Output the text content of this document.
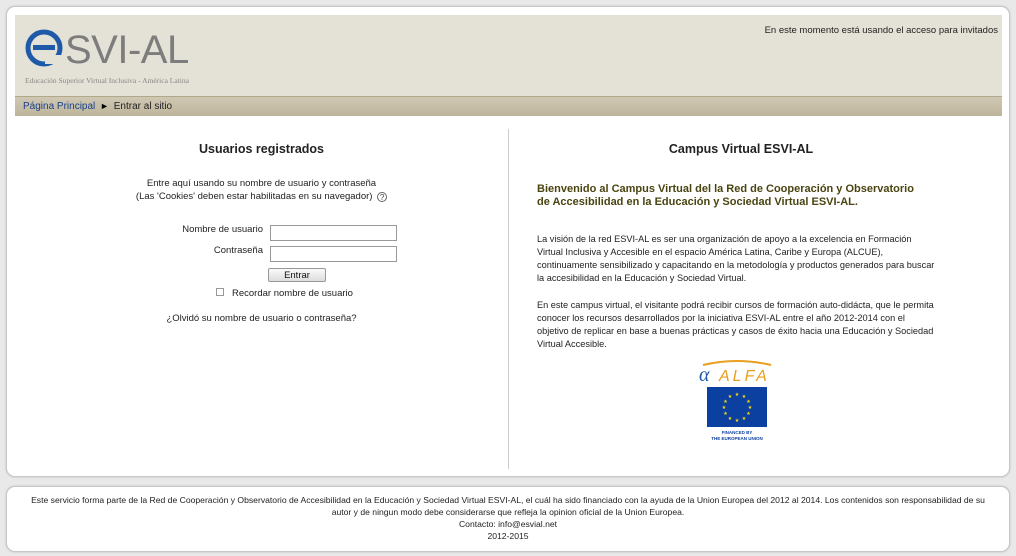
SVI-AL
Educación Superior Virtual Inclusiva - América Latina
En este momento está usando el acceso para invitados
Página Principal ► Entrar al sitio
Usuarios registrados
Entre aquí usando su nombre de usuario y contraseña
(Las 'Cookies' deben estar habilitadas en su navegador) ?
Nombre de usuario
Contraseña
Entrar
Recordar nombre de usuario
¿Olvidó su nombre de usuario o contraseña?
Campus Virtual ESVI-AL
Bienvenido al Campus Virtual del la Red de Cooperación y Observatorio de Accesibilidad en la Educación y Sociedad Virtual ESVI-AL.
La visión de la red ESVI-AL es ser una organización de apoyo a la excelencia en Formación Virtual Inclusiva y Accesible en el espacio América Latina, Caribe y Europa (ALCUE), continuamente sensibilizado y capacitando en la metodología y productos generados para buscar la accesibilidad en la Educación y Sociedad Virtual.
En este campus virtual, el visitante podrá recibir cursos de formación auto-didácta, que le permita conocer los recursos desarrollados por la iniciativa ESVI-AL entre el año 2012-2014 con el objetivo de replicar en base a buenas prácticas y casos de éxito hacia una Educación y Sociedad Virtual Accesible.
α ALFA
★ ★
★
★
★
★
★
★
★
★
★
★
FINANCED BY
THE EUROPEAN UNION
Este servicio forma parte de la Red de Cooperación y Observatorio de Accesibilidad en la Educación y Sociedad Virtual ESVI-AL, el cuál ha sido financiado con la ayuda de la Union Europea del 2012 al 2014. Los contenidos son responsabilidad de su autor y de ningun modo debe considerarse que refleja la opinion oficial de la Union Europea.
Contacto: info@esvial.net
2012-2015
